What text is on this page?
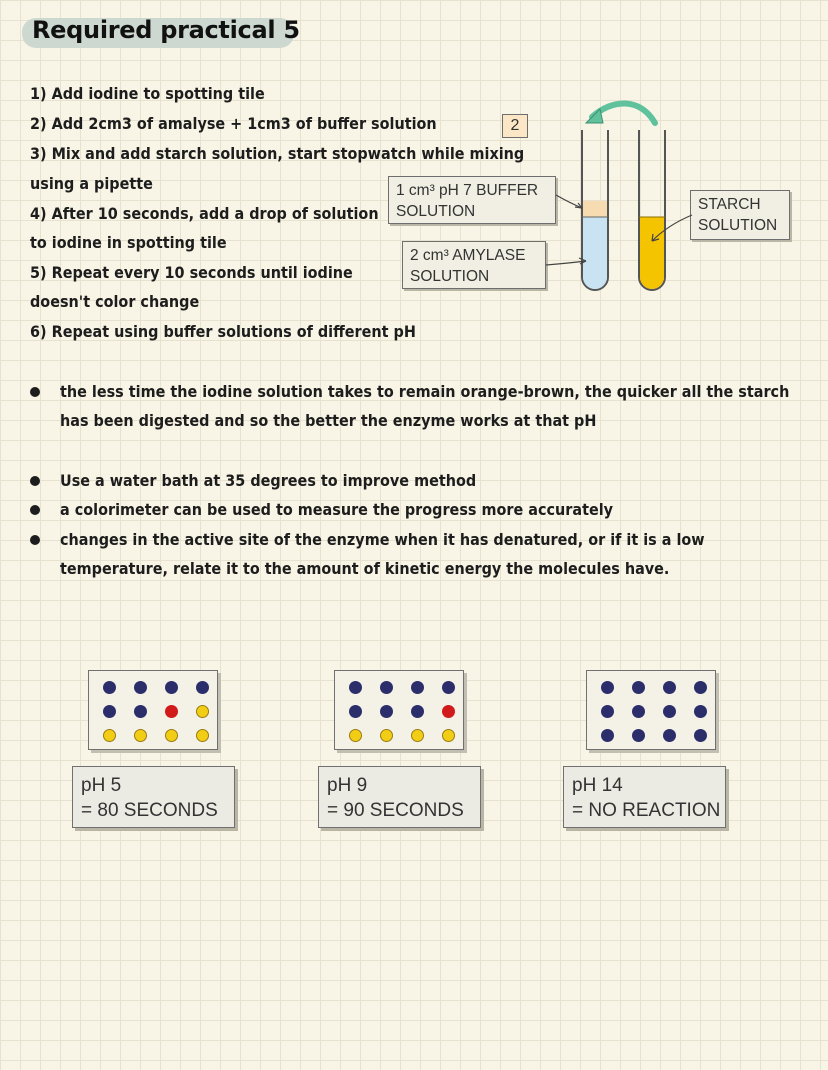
Required practical 5
1) Add iodine to spotting tile
2) Add 2cm3 of amalyse + 1cm3 of buffer solution
3) Mix and add starch solution, start stopwatch while mixing
using a pipette
4) After 10 seconds, add a drop of solution
to iodine in spotting tile
5) Repeat every 10 seconds until iodine
doesn't color change
6) Repeat using buffer solutions of different pH
2
1 cm³ pH 7 BUFFER
SOLUTION
2 cm³ AMYLASE
SOLUTION
STARCH
SOLUTION
the less time the iodine solution takes to remain orange-brown, the quicker all the starch
has been digested and so the better the enzyme works at that pH
Use a water bath at 35 degrees to improve method
a colorimeter can be used to measure the progress more accurately
changes in the active site of the enzyme when it has denatured, or if it is a low
temperature, relate it to the amount of kinetic energy the molecules have.
pH 5
= 80 SECONDS
pH 9
= 90 SECONDS
pH 14
= NO REACTION
